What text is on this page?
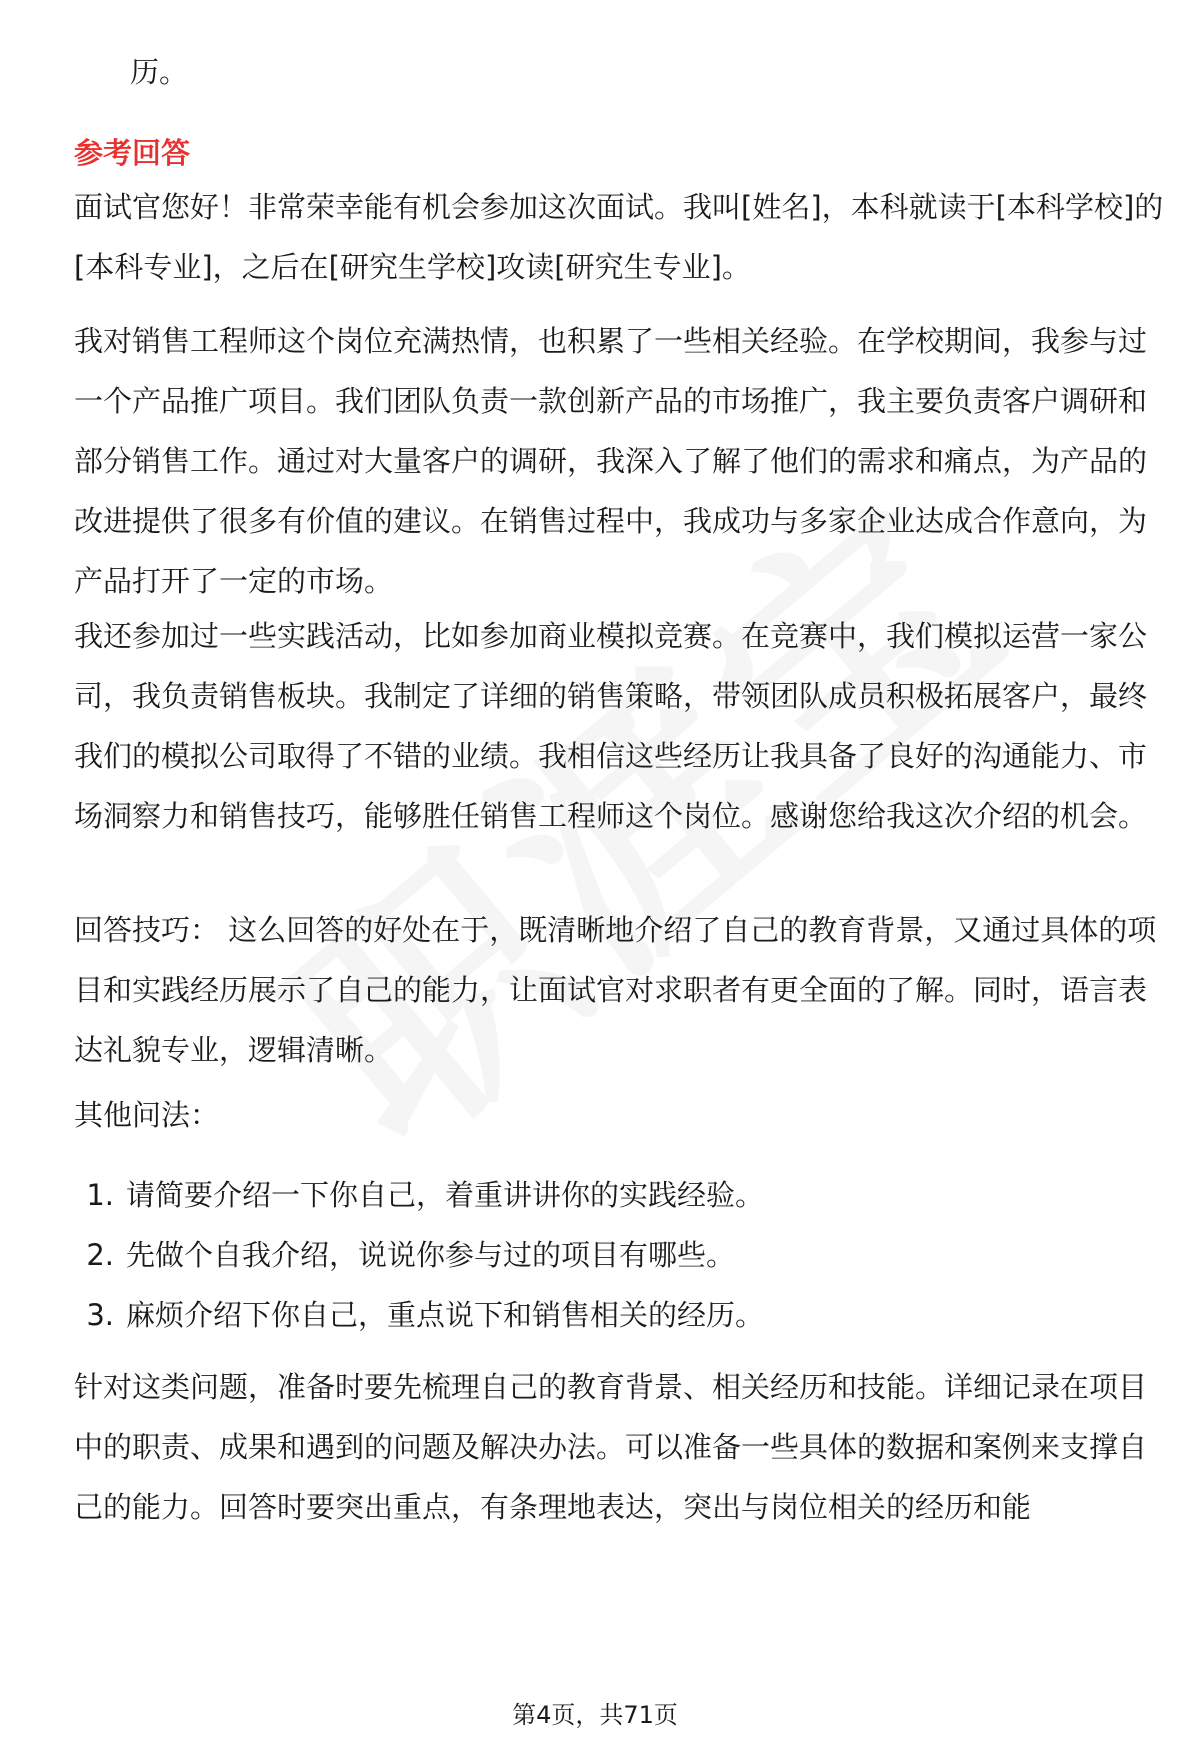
历。
参考回答

面试官您好！非常荣幸能有机会参加这次面试。我叫[姓名]，本科就读于[本科学校]的[本科专业]，之后在[研究生学校]攻读[研究生专业]。

我对销售工程师这个岗位充满热情，也积累了一些相关经验。在学校期间，我参与过一个产品推广项目。我们团队负责一款创新产品的市场推广，我主要负责客户调研和部分销售工作。通过对大量客户的调研，我深入了解了他们的需求和痛点，为产品的改进提供了很多有价值的建议。在销售过程中，我成功与多家企业达成合作意向，为产品打开了一定的市场。

我还参加过一些实践活动，比如参加商业模拟竞赛。在竞赛中，我们模拟运营一家公司，我负责销售板块。我制定了详细的销售策略，带领团队成员积极拓展客户，最终我们的模拟公司取得了不错的业绩。我相信这些经历让我具备了良好的沟通能力、市场洞察力和销售技巧，能够胜任销售工程师这个岗位。感谢您给我这次介绍的机会。

回答技巧： 这么回答的好处在于，既清晰地介绍了自己的教育背景，又通过具体的项目和实践经历展示了自己的能力，让面试官对求职者有更全面的了解。同时，语言表达礼貌专业，逻辑清晰。

其他问法：

1. 请简要介绍一下你自己，着重讲讲你的实践经验。
2. 先做个自我介绍，说说你参与过的项目有哪些。
3. 麻烦介绍下你自己，重点说下和销售相关的经历。

针对这类问题，准备时要先梳理自己的教育背景、相关经历和技能。详细记录在项目中的职责、成果和遇到的问题及解决办法。可以准备一些具体的数据和案例来支撑自己的能力。回答时要突出重点，有条理地表达，突出与岗位相关的经历和能

第4页，共71页
